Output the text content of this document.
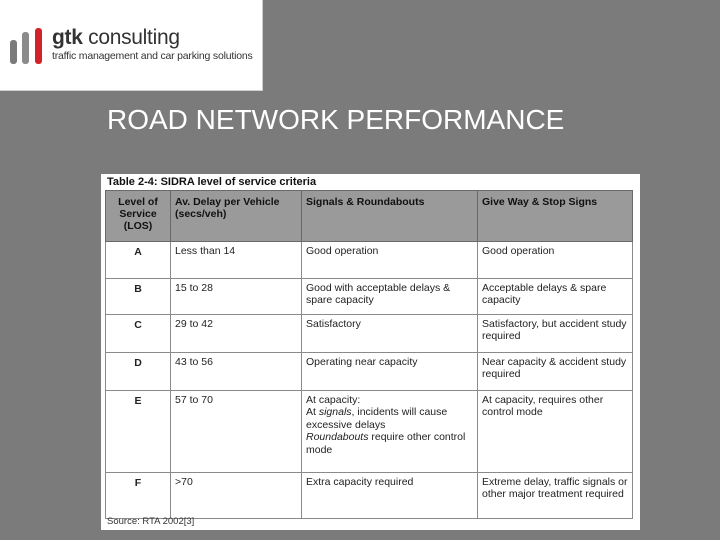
gtk consulting
traffic management and car parking solutions
ROAD NETWORK PERFORMANCE
Table 2-4: SIDRA level of service criteria
Level of Service (LOS)	Av. Delay per Vehicle (secs/veh)	Signals & Roundabouts	Give Way & Stop Signs
A	Less than 14	Good operation	Good operation
B	15 to 28	Good with acceptable delays & spare capacity	Acceptable delays & spare capacity
C	29 to 42	Satisfactory	Satisfactory, but accident study required
D	43 to 56	Operating near capacity	Near capacity & accident study required
E	57 to 70	At capacity:
At signals, incidents will cause excessive delays
Roundabouts require other control mode	At capacity, requires other control mode
F	>70	Extra capacity required	Extreme delay, traffic signals or other major treatment required
Source: RTA 2002[3]
